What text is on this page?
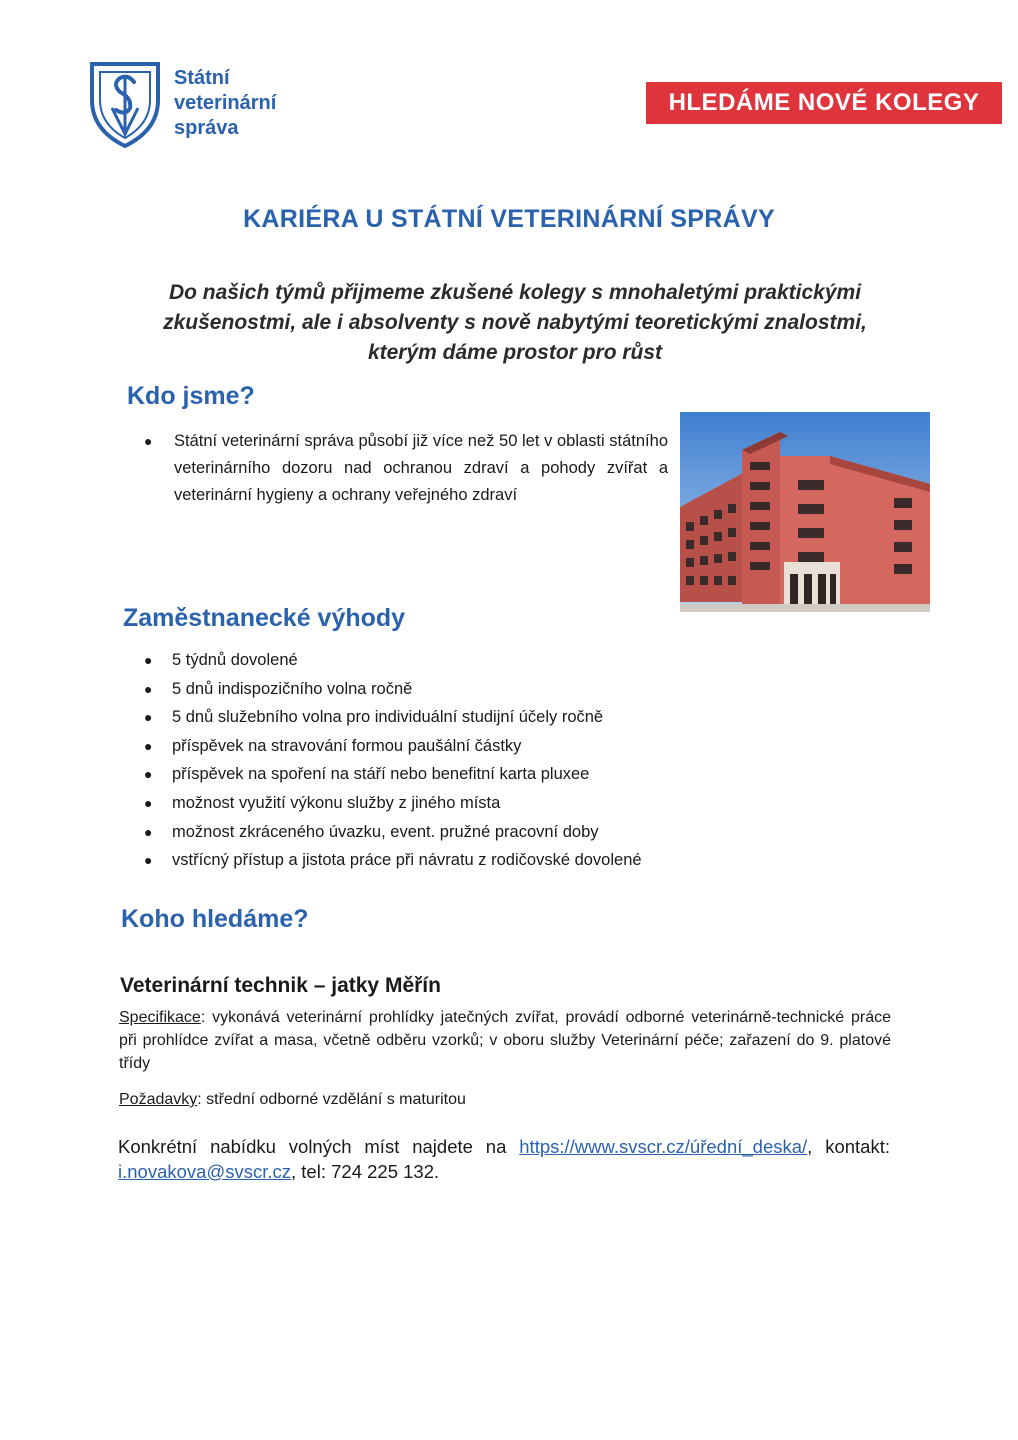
Státní
veterinární
správa
HLEDÁME NOVÉ KOLEGY
KARIÉRA U STÁTNÍ VETERINÁRNÍ SPRÁVY
Do našich týmů přijmeme zkušené kolegy s mnohaletými praktickými zkušenostmi, ale i absolventy s nově nabytými teoretickými znalostmi, kterým dáme prostor pro růst
Kdo jsme?
● Státní veterinární správa působí již více než 50 let v oblasti státního veterinárního dozoru nad ochranou zdraví a pohody zvířat a veterinární hygieny a ochrany veřejného zdraví
Zaměstnanecké výhody
● 5 týdnů dovolené
● 5 dnů indispozičního volna ročně
● 5 dnů služebního volna pro individuální studijní účely ročně
● příspěvek na stravování formou paušální částky
● příspěvek na spoření na stáří nebo benefitní karta pluxee
● možnost využití výkonu služby z jiného místa
● možnost zkráceného úvazku, event. pružné pracovní doby
● vstřícný přístup a jistota práce při návratu z rodičovské dovolené
Koho hledáme?
Veterinární technik – jatky Měřín
Specifikace: vykonává veterinární prohlídky jatečných zvířat, provádí odborné veterinárně-technické práce při prohlídce zvířat a masa, včetně odběru vzorků; v oboru služby Veterinární péče; zařazení do 9. platové třídy
Požadavky: střední odborné vzdělání s maturitou
Konkrétní nabídku volných míst najdete na https://www.svscr.cz/úřední_deska/, kontakt: i.novakova@svscr.cz, tel: 724 225 132.
